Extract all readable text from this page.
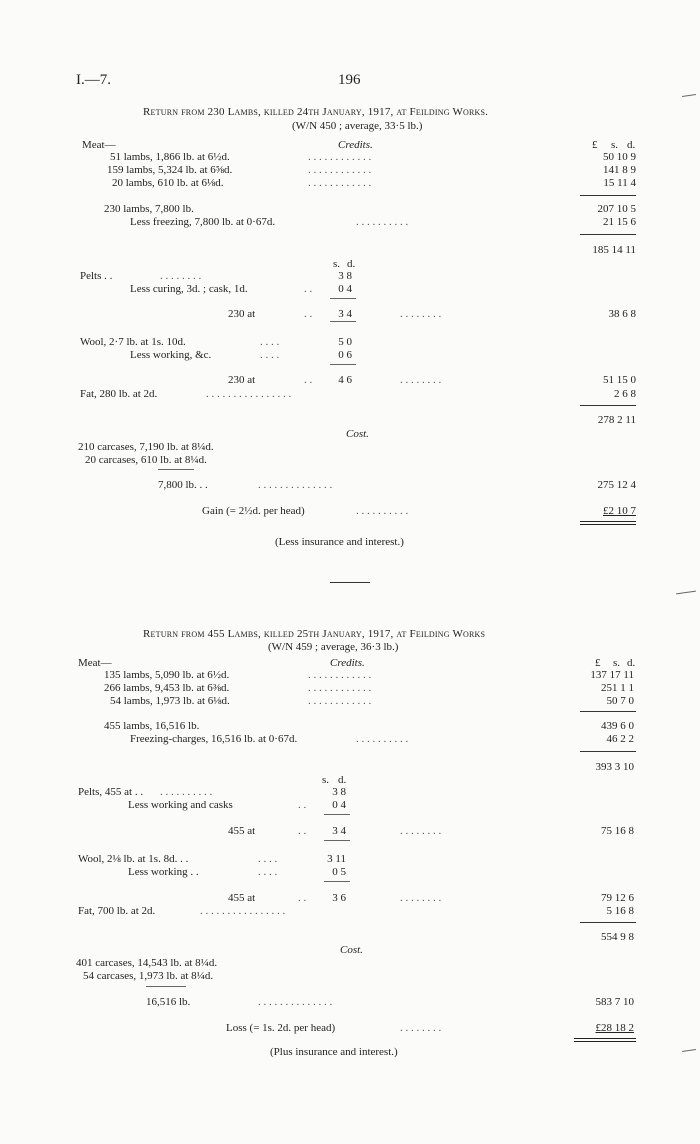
I.—7.	196
Return from 230 Lambs, killed 24th January, 1917, at Feilding Works.
(W/N 450 ; average, 33·5 lb.)
Meat—	Credits.	£ s. d.
51 lambs, 1,866 lb. at 6½d.	. . . . . . . . . . . .	50 10 9
159 lambs, 5,324 lb. at 6⅝d.	. . . . . . . . . . . .	141 8 9
20 lambs, 610 lb. at 6⅛d.	. . . . . . . . . . . .	15 11 4
230 lambs, 7,800 lb.	207 10 5
Less freezing, 7,800 lb. at 0·67d.	. . . . . . . . . .	21 15 6
185 14 11
s. d.
Pelts . .	. . . . . . . .	3 8
Less curing, 3d. ; cask, 1d.	. .	0 4
230 at	. .	3 4	. . . . . . . .	38 6 8
Wool, 2·7 lb. at 1s. 10d.	. . . .	5 0
Less working, &c.	. . . .	0 6
230 at	. .	4 6	. . . . . . . .	51 15 0
Fat, 280 lb. at 2d.	. . . . . . . . . . . . . . . .	2 6 8
278 2 11
Cost.
210 carcases, 7,190 lb. at 8¼d.
20 carcases, 610 lb. at 8¼d.
7,800 lb. . .	. . . . . . . . . . . . . .	275 12 4
Gain (= 2½d. per head)	. . . . . . . . . .	£2 10 7
(Less insurance and interest.)
Return from 455 Lambs, killed 25th January, 1917, at Feilding Works
(W/N 459 ; average, 36·3 lb.)
Meat—	Credits.	£ s. d.
135 lambs, 5,090 lb. at 6½d.	. . . . . . . . . . . .	137 17 11
266 lambs, 9,453 lb. at 6⅜d.	. . . . . . . . . . . .	251 1 1
54 lambs, 1,973 lb. at 6⅛d.	. . . . . . . . . . . .	50 7 0
455 lambs, 16,516 lb.	439 6 0
Freezing-charges, 16,516 lb. at 0·67d.	. . . . . . . . . .	46 2 2
393 3 10
s. d.
Pelts, 455 at . . . . . . . . . . . .	3 8
Less working and casks	. .	0 4
455 at	. .	3 4	. . . . . . . .	75 16 8
Wool, 2⅛ lb. at 1s. 8d. . .	. . . .	3 11
Less working . .	. . . .	0 5
455 at	. .	3 6	. . . . . . . .	79 12 6
Fat, 700 lb. at 2d.	. . . . . . . . . . . . . . . .	5 16 8
554 9 8
Cost.
401 carcases, 14,543 lb. at 8¼d.
54 carcases, 1,973 lb. at 8¼d.
16,516 lb.	. . . . . . . . . . . . . .	583 7 10
Loss (= 1s. 2d. per head)	. . . . . . . .	£28 18 2
(Plus insurance and interest.)
